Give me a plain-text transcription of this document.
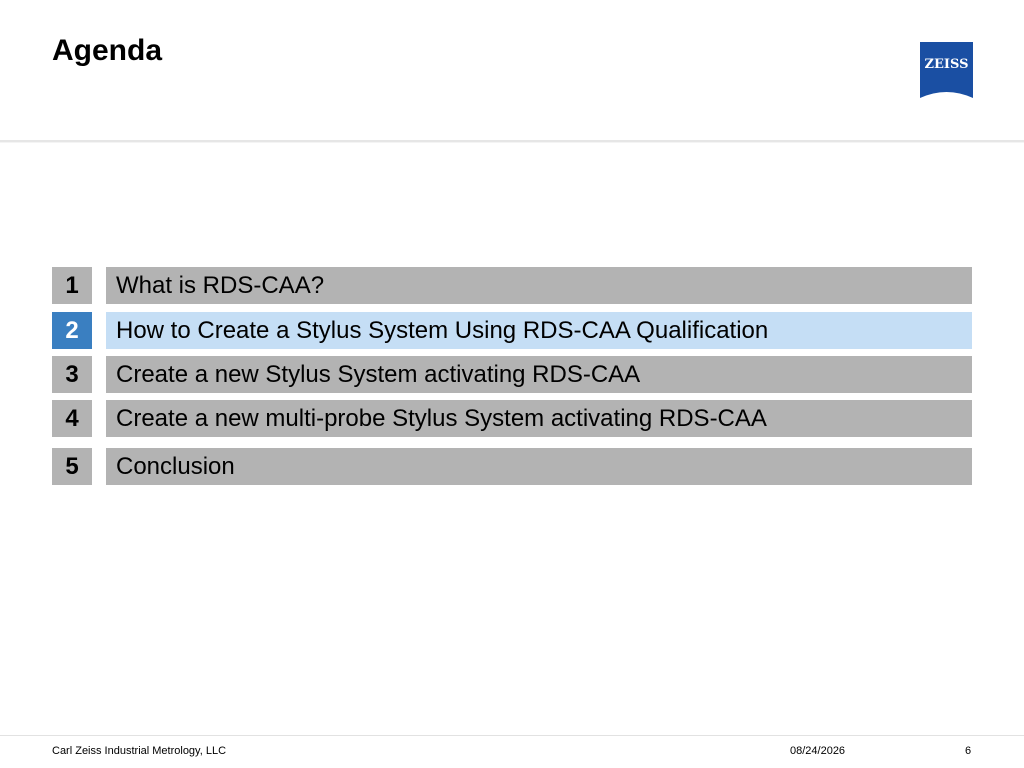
Agenda	ZEISS
1	What is RDS-CAA?
2	How to Create a Stylus System Using RDS-CAA Qualification
3	Create a new Stylus System activating RDS-CAA
4	Create a new multi-probe Stylus System activating RDS-CAA
5	Conclusion
Carl Zeiss Industrial Metrology, LLC	08/24/2026	6
